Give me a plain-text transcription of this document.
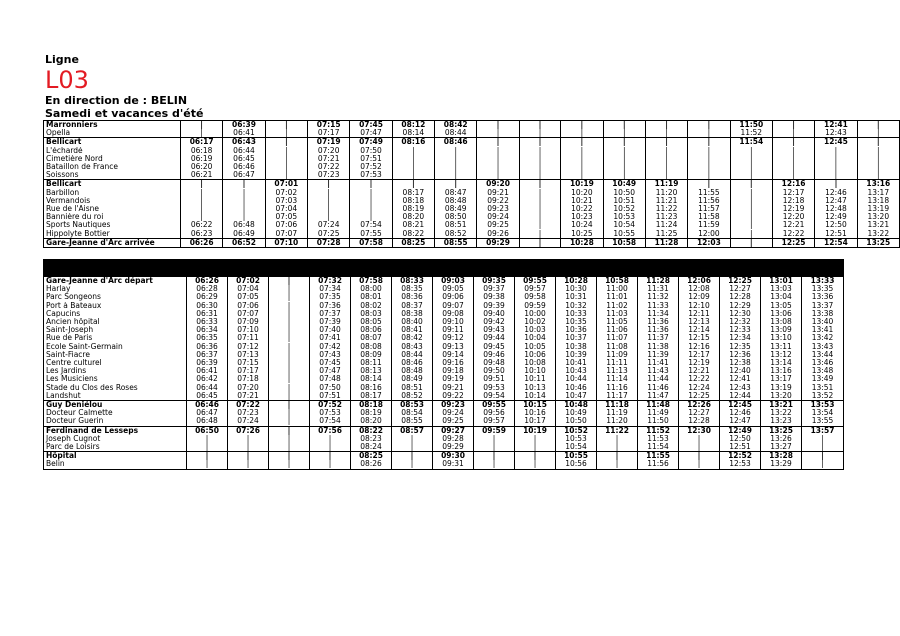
Ligne
L03
En direction de : BELIN
Samedi et vacances d'été
Marronniers	|	06:39	|	07:15	07:45	08:12	08:42	|	|	|	|	|	|	11:50	|	12:41	|
Opella	|	06:41	|	07:17	07:47	08:14	08:44	|	|	|	|	|	|	11:52	|	12:43	|
Bellicart	06:17	06:43	|	07:19	07:49	08:16	08:46	|	|	|	|	|	|	11:54	|	12:45	|
L'échardé	06:18	06:44	|	07:20	07:50	|	|	|	|	|	|	|	|	|	|	|	|
Cimetière Nord	06:19	06:45	|	07:21	07:51	|	|	|	|	|	|	|	|	|	|	|	|
Bataillon de France	06:20	06:46	|	07:22	07:52	|	|	|	|	|	|	|	|	|	|	|	|
Soissons	06:21	06:47	|	07:23	07:53	|	|	|	|	|	|	|	|	|	|	|	|
Bellicart	|	|	07:01	|	|	|	|	09:20	|	10:19	10:49	11:19	|	|	12:16	|	13:16
Barbillon	|	|	07:02	|	|	08:17	08:47	09:21	|	10:20	10:50	11:20	11:55	|	12:17	12:46	13:17
Vermandois	|	|	07:03	|	|	08:18	08:48	09:22	|	10:21	10:51	11:21	11:56	|	12:18	12:47	13:18
Rue de l'Aisne	|	|	07:04	|	|	08:19	08:49	09:23	|	10:22	10:52	11:22	11:57	|	12:19	12:48	13:19
Bannière du roi	|	|	07:05	|	|	08:20	08:50	09:24	|	10:23	10:53	11:23	11:58	|	12:20	12:49	13:20
Sports Nautiques	06:22	06:48	07:06	07:24	07:54	08:21	08:51	09:25	|	10:24	10:54	11:24	11:59	|	12:21	12:50	13:21
Hippolyte Bottier	06:23	06:49	07:07	07:25	07:55	08:22	08:52	09:26	|	10:25	10:55	11:25	12:00	|	12:22	12:51	13:22
Gare-Jeanne d'Arc arrivée	06:26	06:52	07:10	07:28	07:58	08:25	08:55	09:29	|	10:28	10:58	11:28	12:03	|	12:25	12:54	13:25
Gare-Jeanne d'Arc départ	06:26	07:02	|	07:32	07:58	08:33	09:03	09:35	09:55	10:28	10:58	11:28	12:06	12:25	13:01	13:33
Harlay	06:28	07:04	|	07:34	08:00	08:35	09:05	09:37	09:57	10:30	11:00	11:31	12:08	12:27	13:03	13:35
Parc Songeons	06:29	07:05	|	07:35	08:01	08:36	09:06	09:38	09:58	10:31	11:01	11:32	12:09	12:28	13:04	13:36
Port à Bateaux	06:30	07:06	|	07:36	08:02	08:37	09:07	09:39	09:59	10:32	11:02	11:33	12:10	12:29	13:05	13:37
Capucins	06:31	07:07	|	07:37	08:03	08:38	09:08	09:40	10:00	10:33	11:03	11:34	12:11	12:30	13:06	13:38
Ancien hôpital	06:33	07:09	|	07:39	08:05	08:40	09:10	09:42	10:02	10:35	11:05	11:36	12:13	12:32	13:08	13:40
Saint-Joseph	06:34	07:10	|	07:40	08:06	08:41	09:11	09:43	10:03	10:36	11:06	11:36	12:14	12:33	13:09	13:41
Rue de Paris	06:35	07:11	|	07:41	08:07	08:42	09:12	09:44	10:04	10:37	11:07	11:37	12:15	12:34	13:10	13:42
Ecole Saint-Germain	06:36	07:12	|	07:42	08:08	08:43	09:13	09:45	10:05	10:38	11:08	11:38	12:16	12:35	13:11	13:43
Saint-Fiacre	06:37	07:13	|	07:43	08:09	08:44	09:14	09:46	10:06	10:39	11:09	11:39	12:17	12:36	13:12	13:44
Centre culturel	06:39	07:15	|	07:45	08:11	08:46	09:16	09:48	10:08	10:41	11:11	11:41	12:19	12:38	13:14	13:46
Les Jardins	06:41	07:17	|	07:47	08:13	08:48	09:18	09:50	10:10	10:43	11:13	11:43	12:21	12:40	13:16	13:48
Les Musiciens	06:42	07:18	|	07:48	08:14	08:49	09:19	09:51	10:11	10:44	11:14	11:44	12:22	12:41	13:17	13:49
Stade du Clos des Roses	06:44	07:20	|	07:50	08:16	08:51	09:21	09:53	10:13	10:46	11:16	11:46	12:24	12:43	13:19	13:51
Landshut	06:45	07:21	|	07:51	08:17	08:52	09:22	09:54	10:14	10:47	11:17	11:47	12:25	12:44	13:20	13:52
Guy Deniélou	06:46	07:22	|	07:52	08:18	08:53	09:23	09:55	10:15	10:48	11:18	11:48	12:26	12:45	13:21	13:53
Docteur Calmette	06:47	07:23	|	07:53	08:19	08:54	09:24	09:56	10:16	10:49	11:19	11:49	12:27	12:46	13:22	13:54
Docteur Guerin	06:48	07:24	|	07:54	08:20	08:55	09:25	09:57	10:17	10:50	11:20	11:50	12:28	12:47	13:23	13:55
Ferdinand de Lesseps	06:50	07:26	|	07:56	08:22	08:57	09:27	09:59	10:19	10:52	11:22	11:52	12:30	12:49	13:25	13:57
Joseph Cugnot	|	|	|	|	08:23	|	09:28	|	|	10:53	|	11:53	|	12:50	13:26	|
Parc de Loisirs	|	|	|	|	08:24	|	09:29	|	|	10:54	|	11:54	|	12:51	13:27	|
Hôpital	|	|	|	|	08:25	|	09:30	|	|	10:55	|	11:55	|	12:52	13:28	|
Belin	|	|	|	|	08:26	|	09:31	|	|	10:56	|	11:56	|	12:53	13:29	|
